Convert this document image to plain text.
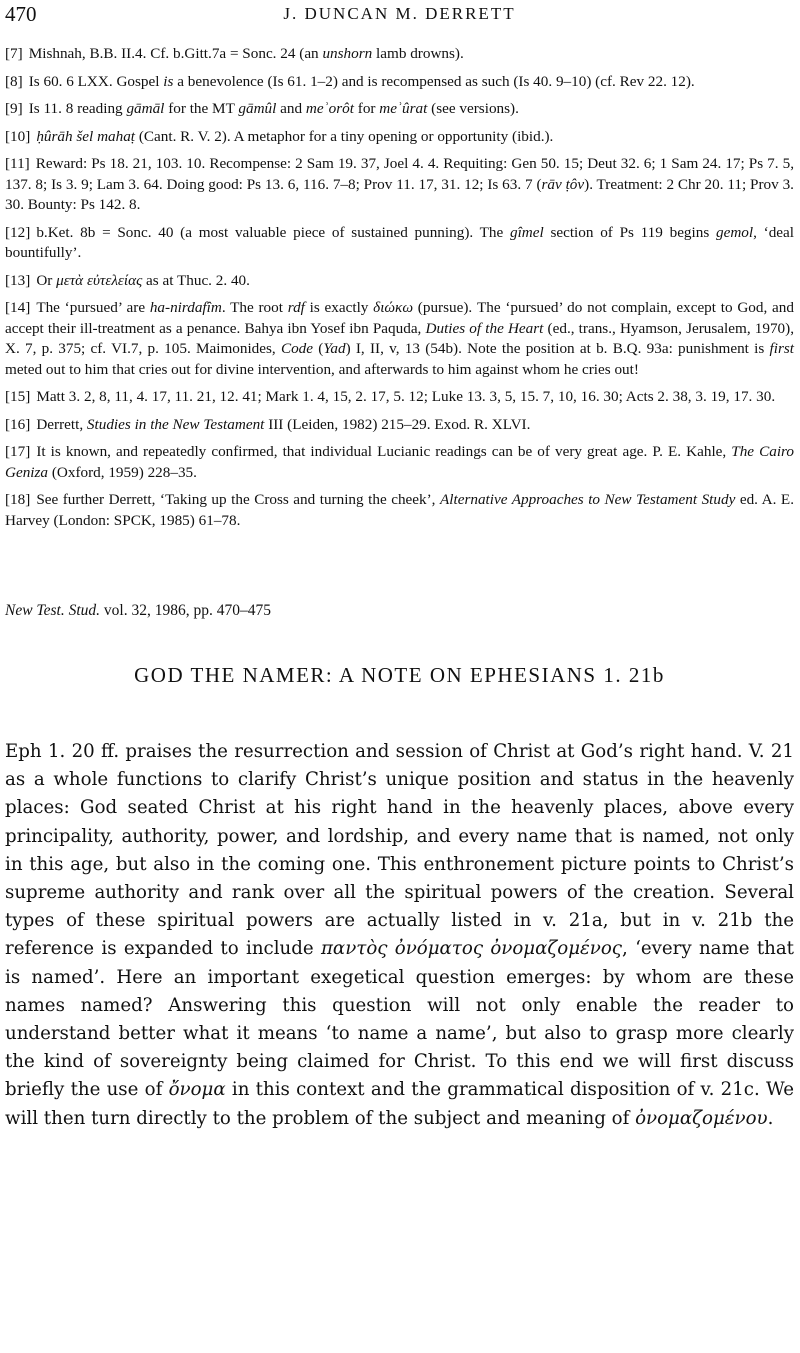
470	J. DUNCAN M. DERRETT

[7] Mishnah, B.B. II.4. Cf. b.Gitt.7a = Sonc. 24 (an unshorn lamb drowns).

[8] Is 60. 6 LXX. Gospel is a benevolence (Is 61. 1–2) and is recompensed as such (Is 40. 9–10) (cf. Rev 22. 12).

[9] Is 11. 8 reading gāmāl for the MT gāmûl and meʾorôt for meʾûrat (see versions).

[10] ḥûrāh šel mahaṭ (Cant. R. V. 2). A metaphor for a tiny opening or opportunity (ibid.).

[11] Reward: Ps 18. 21, 103. 10. Recompense: 2 Sam 19. 37, Joel 4. 4. Requiting: Gen 50. 15; Deut 32. 6; 1 Sam 24. 17; Ps 7. 5, 137. 8; Is 3. 9; Lam 3. 64. Doing good: Ps 13. 6, 116. 7–8; Prov 11. 17, 31. 12; Is 63. 7 (rāv ṭôv). Treatment: 2 Chr 20. 11; Prov 3. 30. Bounty: Ps 142. 8.

[12] b.Ket. 8b = Sonc. 40 (a most valuable piece of sustained punning). The gîmel section of Ps 119 begins gemol, ‘deal bountifully’.

[13] Or μετὰ εὐτελείας as at Thuc. 2. 40.

[14] The ‘pursued’ are ha-nirdafîm. The root rdf is exactly διώκω (pursue). The ‘pursued’ do not complain, except to God, and accept their ill-treatment as a penance. Bahya ibn Yosef ibn Paquda, Duties of the Heart (ed., trans., Hyamson, Jerusalem, 1970), X. 7, p. 375; cf. VI.7, p. 105. Maimonides, Code (Yad) I, II, v, 13 (54b). Note the position at b. B.Q. 93a: punishment is first meted out to him that cries out for divine intervention, and afterwards to him against whom he cries out!

[15] Matt 3. 2, 8, 11, 4. 17, 11. 21, 12. 41; Mark 1. 4, 15, 2. 17, 5. 12; Luke 13. 3, 5, 15. 7, 10, 16. 30; Acts 2. 38, 3. 19, 17. 30.

[16] Derrett, Studies in the New Testament III (Leiden, 1982) 215–29. Exod. R. XLVI.

[17] It is known, and repeatedly confirmed, that individual Lucianic readings can be of very great age. P. E. Kahle, The Cairo Geniza (Oxford, 1959) 228–35.

[18] See further Derrett, ‘Taking up the Cross and turning the cheek’, Alternative Approaches to New Testament Study ed. A. E. Harvey (London: SPCK, 1985) 61–78.

New Test. Stud. vol. 32, 1986, pp. 470–475
GOD THE NAMER: A NOTE ON EPHESIANS 1. 21b
Eph 1. 20 ff. praises the resurrection and session of Christ at God’s right hand. V. 21 as a whole functions to clarify Christ’s unique position and status in the heavenly places: God seated Christ at his right hand in the heavenly places, above every principality, authority, power, and lordship, and every name that is named, not only in this age, but also in the coming one. This enthronement picture points to Christ’s supreme authority and rank over all the spiritual powers of the creation. Several types of these spiritual powers are actually listed in v. 21a, but in v. 21b the reference is expanded to include παντὸς ὀνόματος ὀνομαζομένος, ‘every name that is named’. Here an important exegetical question emerges: by whom are these names named? Answering this question will not only enable the reader to understand better what it means ‘to name a name’, but also to grasp more clearly the kind of sovereignty being claimed for Christ. To this end we will first discuss briefly the use of ὄνομα in this context and the grammatical disposition of v. 21c. We will then turn directly to the problem of the subject and meaning of ὀνομαζομένου.
